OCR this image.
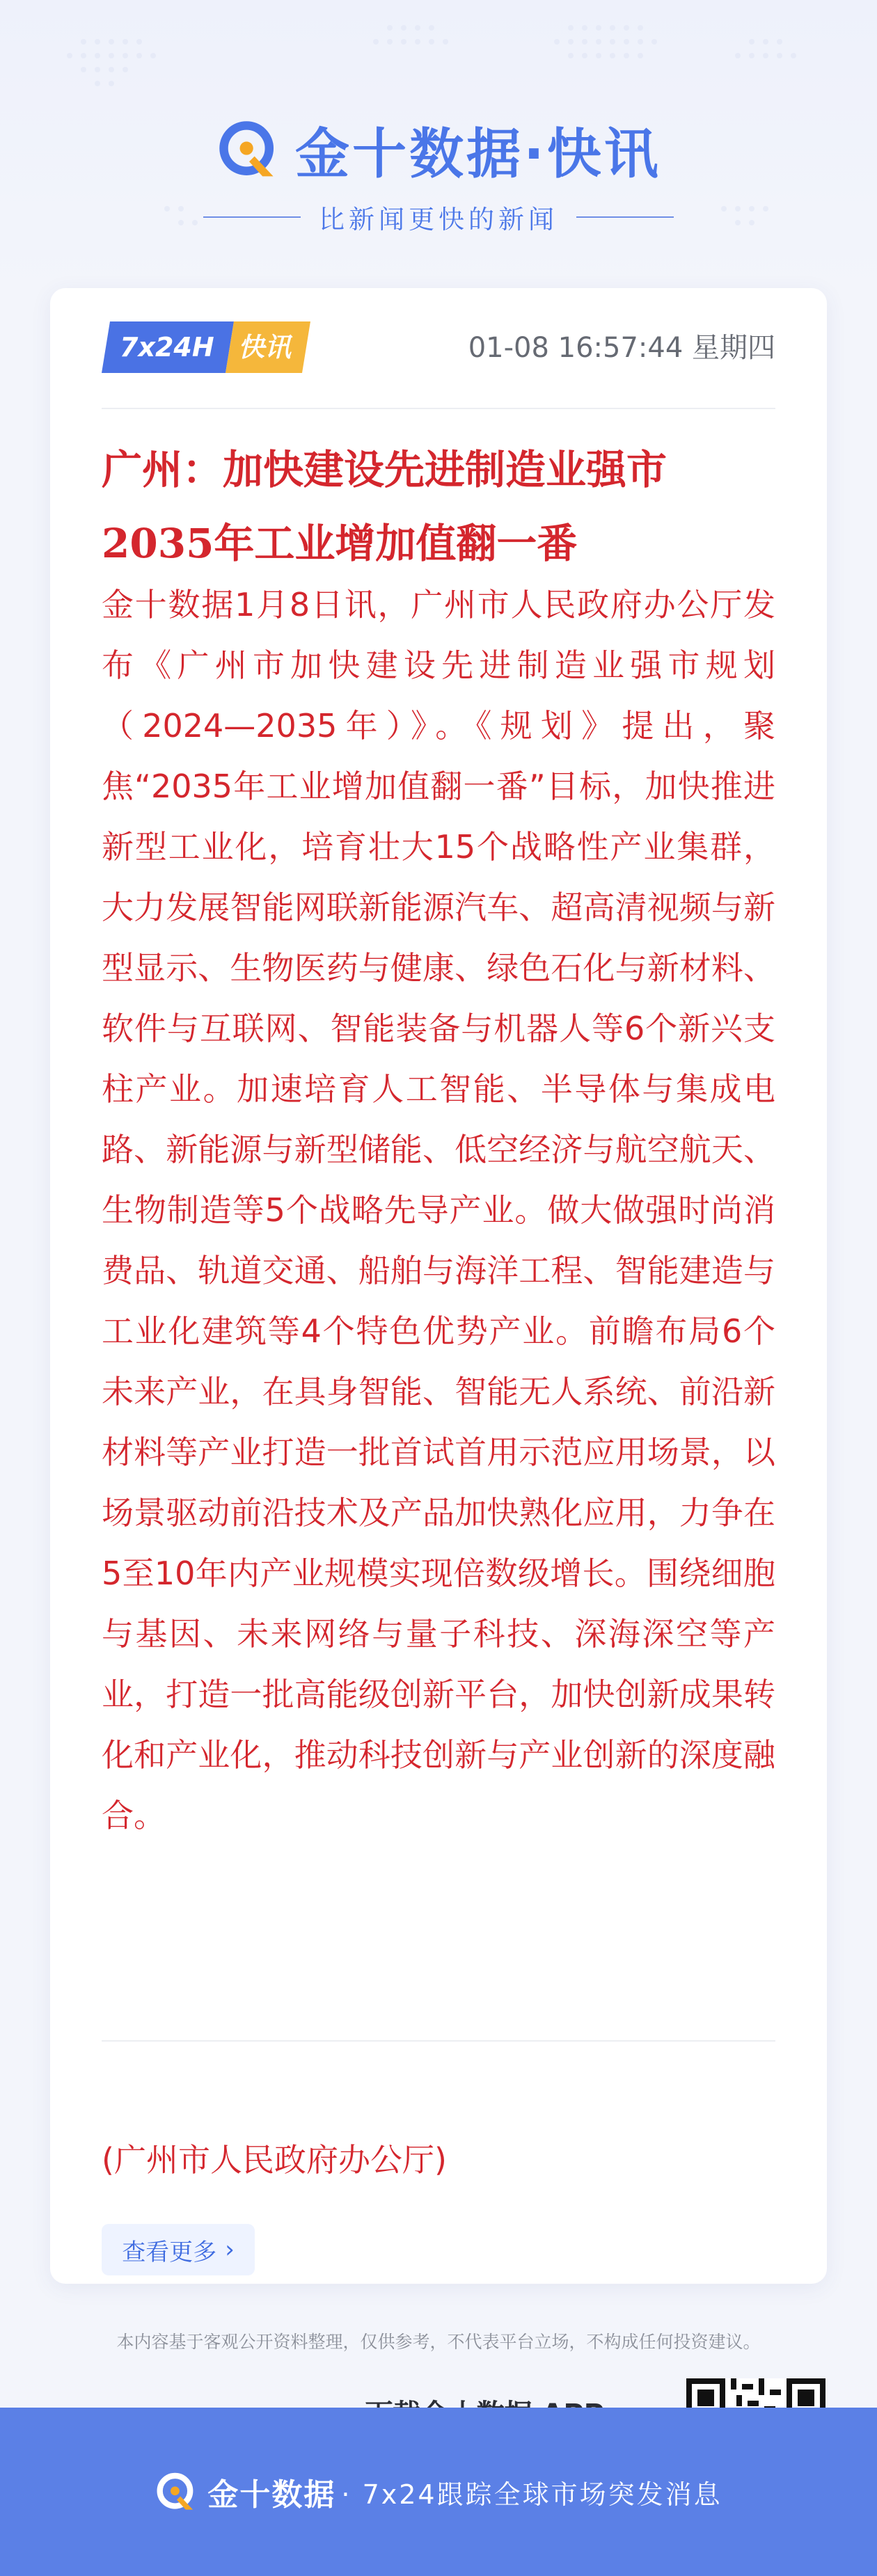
金十数据·快讯
比新闻更快的新闻
7x24H 快讯	01-08 16:57:44 星期四
广州：加快建设先进制造业强市
2035年工业增加值翻一番
金十数据1月8日讯，广州市人民政府办公厅发布《广州市加快建设先进制造业强市规划（2024—2035年）》。《规划》提出，聚焦“2035年工业增加值翻一番”目标，加快推进新型工业化，培育壮大15个战略性产业集群，大力发展智能网联新能源汽车、超高清视频与新型显示、生物医药与健康、绿色石化与新材料、软件与互联网、智能装备与机器人等6个新兴支柱产业。加速培育人工智能、半导体与集成电路、新能源与新型储能、低空经济与航空航天、生物制造等5个战略先导产业。做大做强时尚消费品、轨道交通、船舶与海洋工程、智能建造与工业化建筑等4个特色优势产业。前瞻布局6个未来产业，在具身智能、智能无人系统、前沿新材料等产业打造一批首试首用示范应用场景，以场景驱动前沿技术及产品加快熟化应用，力争在5至10年内产业规模实现倍数级增长。围绕细胞与基因、未来网络与量子科技、深海深空等产业，打造一批高能级创新平台，加快创新成果转化和产业化，推动科技创新与产业创新的深度融合。
(广州市人民政府办公厅)
查看更多 ›
本内容基于客观公开资料整理，仅供参考，不代表平台立场，不构成任何投资建议。
金十数据 · 7x24跟踪全球市场突发消息
